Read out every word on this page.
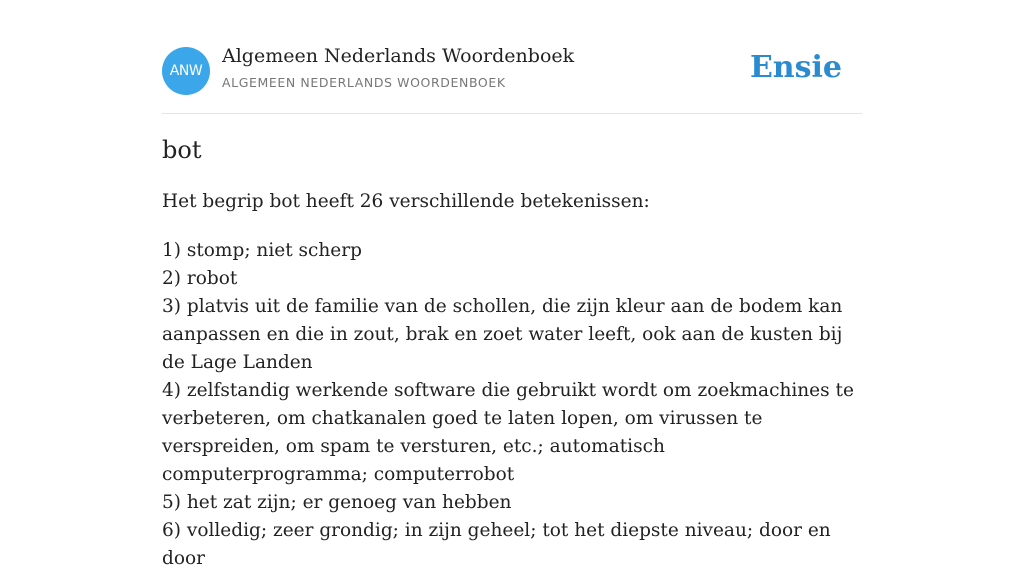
ANW
Algemeen Nederlands Woordenboek
ALGEMEEN NEDERLANDS WOORDENBOEK	Ensie
bot
Het begrip bot heeft 26 verschillende betekenissen:
1) stomp; niet scherp
2) robot
3) platvis uit de familie van de schollen, die zijn kleur aan de bodem kan aanpassen en die in zout, brak en zoet water leeft, ook aan de kusten bij de Lage Landen
4) zelfstandig werkende software die gebruikt wordt om zoekmachines te verbeteren, om chatkanalen goed te laten lopen, om virussen te verspreiden, om spam te versturen, etc.; automatisch computerprogramma; computerrobot
5) het zat zijn; er genoeg van hebben
6) volledig; zeer grondig; in zijn geheel; tot het diepste niveau; door en door
